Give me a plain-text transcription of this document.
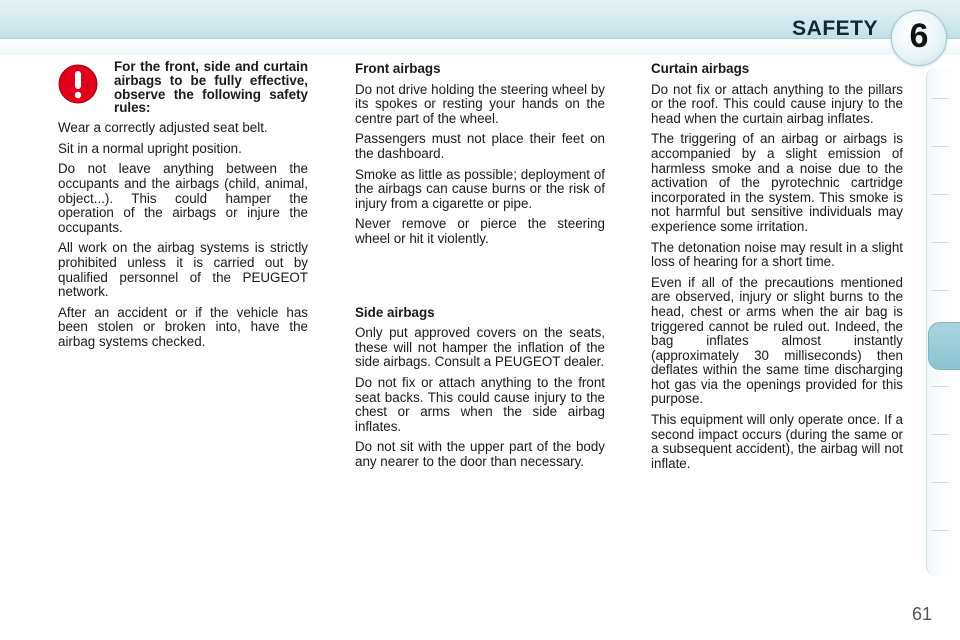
SAFETY 6

For the front, side and curtain airbags to be fully effective, observe the following safety rules:

Wear a correctly adjusted seat belt.

Sit in a normal upright position.

Do not leave anything between the occupants and the airbags (child, animal, object...). This could hamper the operation of the airbags or injure the occupants.

All work on the airbag systems is strictly prohibited unless it is carried out by qualified personnel of the PEUGEOT network.

After an accident or if the vehicle has been stolen or broken into, have the airbag systems checked.

Front airbags

Do not drive holding the steering wheel by its spokes or resting your hands on the centre part of the wheel.

Passengers must not place their feet on the dashboard.

Smoke as little as possible; deployment of the airbags can cause burns or the risk of injury from a cigarette or pipe.

Never remove or pierce the steering wheel or hit it violently.

Side airbags

Only put approved covers on the seats, these will not hamper the inflation of the side airbags. Consult a PEUGEOT dealer.

Do not fix or attach anything to the front seat backs. This could cause injury to the chest or arms when the side airbag inflates.

Do not sit with the upper part of the body any nearer to the door than necessary.

Curtain airbags

Do not fix or attach anything to the pillars or the roof. This could cause injury to the head when the curtain airbag inflates.

The triggering of an airbag or airbags is accompanied by a slight emission of harmless smoke and a noise due to the activation of the pyrotechnic cartridge incorporated in the system. This smoke is not harmful but sensitive individuals may experience some irritation.

The detonation noise may result in a slight loss of hearing for a short time.

Even if all of the precautions mentioned are observed, injury or slight burns to the head, chest or arms when the air bag is triggered cannot be ruled out. Indeed, the bag inflates almost instantly (approximately 30 milliseconds) then deflates within the same time discharging hot gas via the openings provided for this purpose.

This equipment will only operate once. If a second impact occurs (during the same or a subsequent accident), the airbag will not inflate.

61
